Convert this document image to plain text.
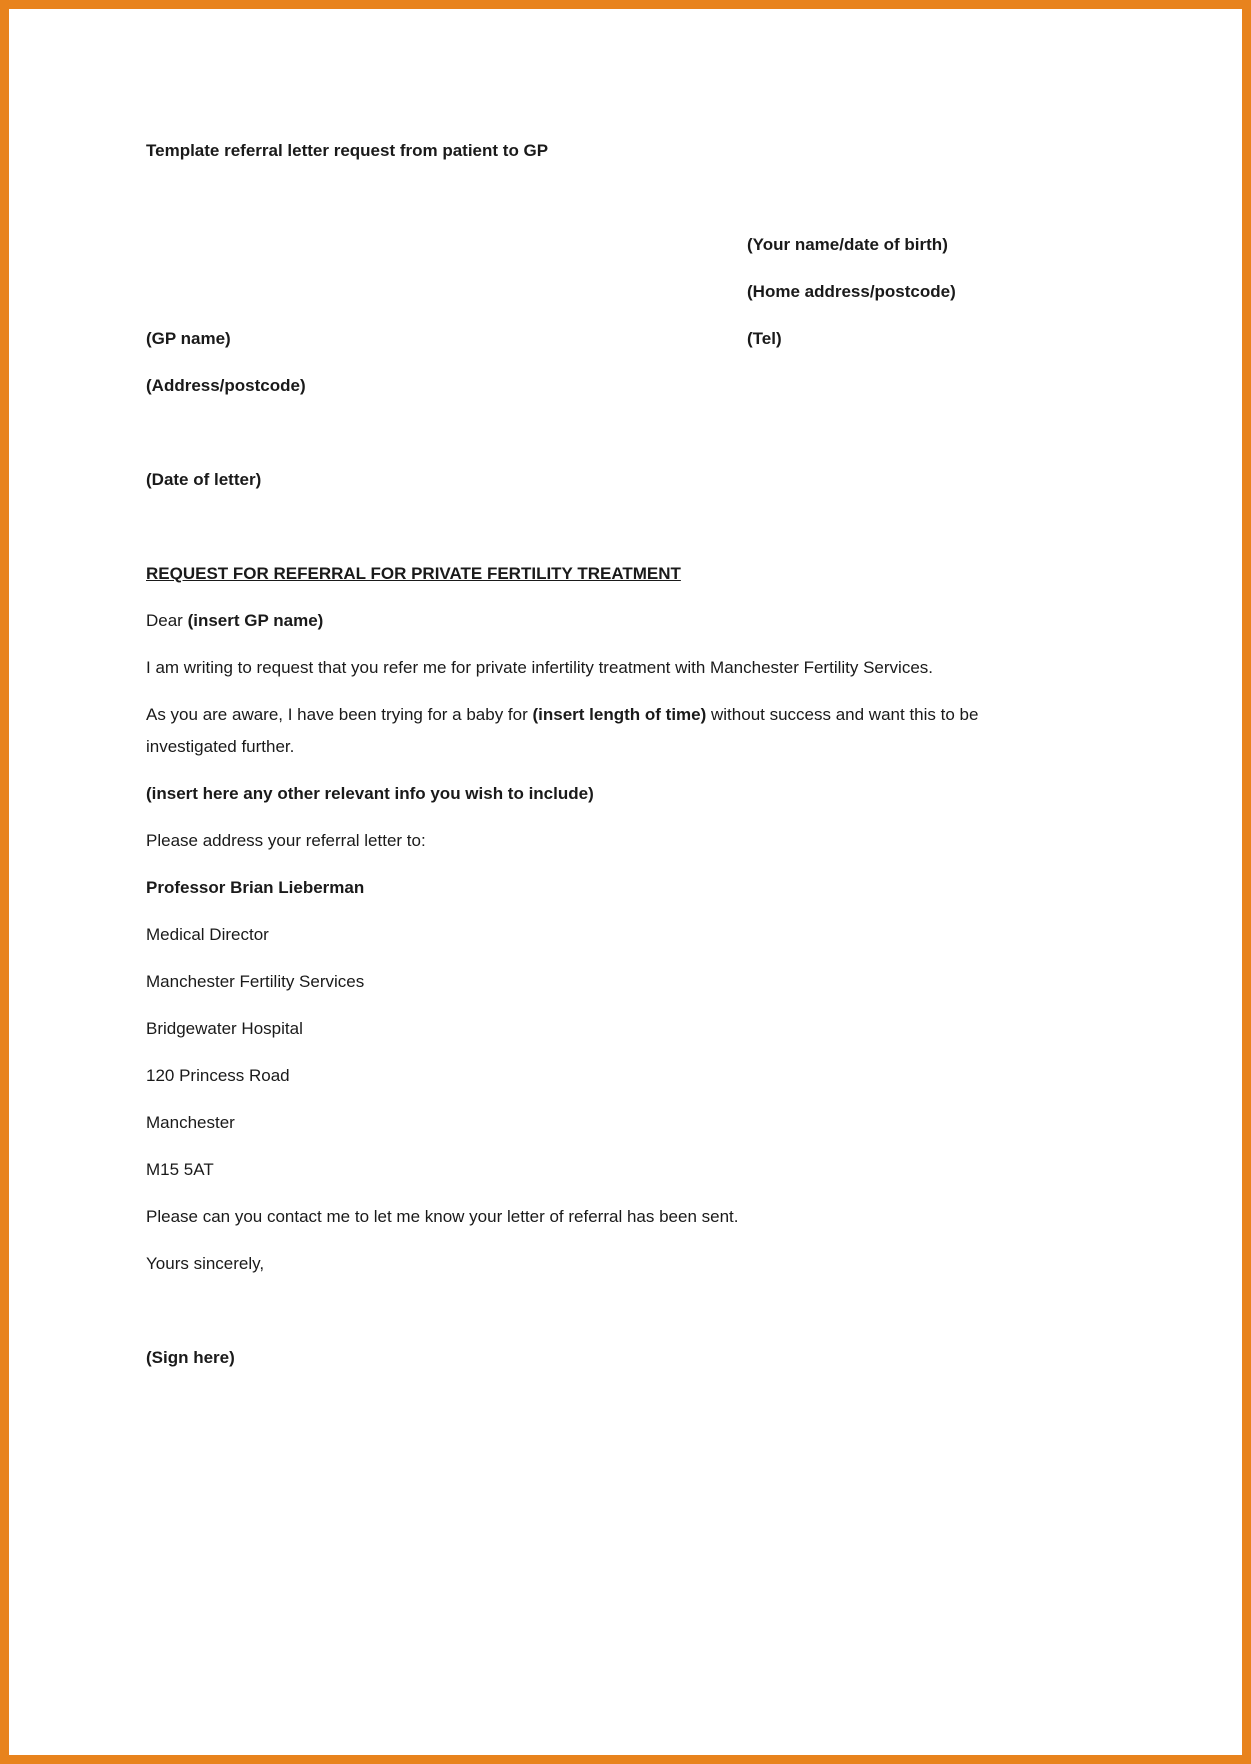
Template referral letter request from patient to GP
(Your name/date of birth)
(Home address/postcode)
(GP name)	(Tel)
(Address/postcode)
(Date of letter)
REQUEST FOR REFERRAL FOR PRIVATE FERTILITY TREATMENT
Dear (insert GP name)
I am writing to request that you refer me for private infertility treatment with Manchester Fertility Services.
As you are aware, I have been trying for a baby for (insert length of time) without success and want this to be investigated further.
(insert here any other relevant info you wish to include)
Please address your referral letter to:
Professor Brian Lieberman
Medical Director
Manchester Fertility Services
Bridgewater Hospital
120 Princess Road
Manchester
M15 5AT
Please can you contact me to let me know your letter of referral has been sent.
Yours sincerely,
(Sign here)
